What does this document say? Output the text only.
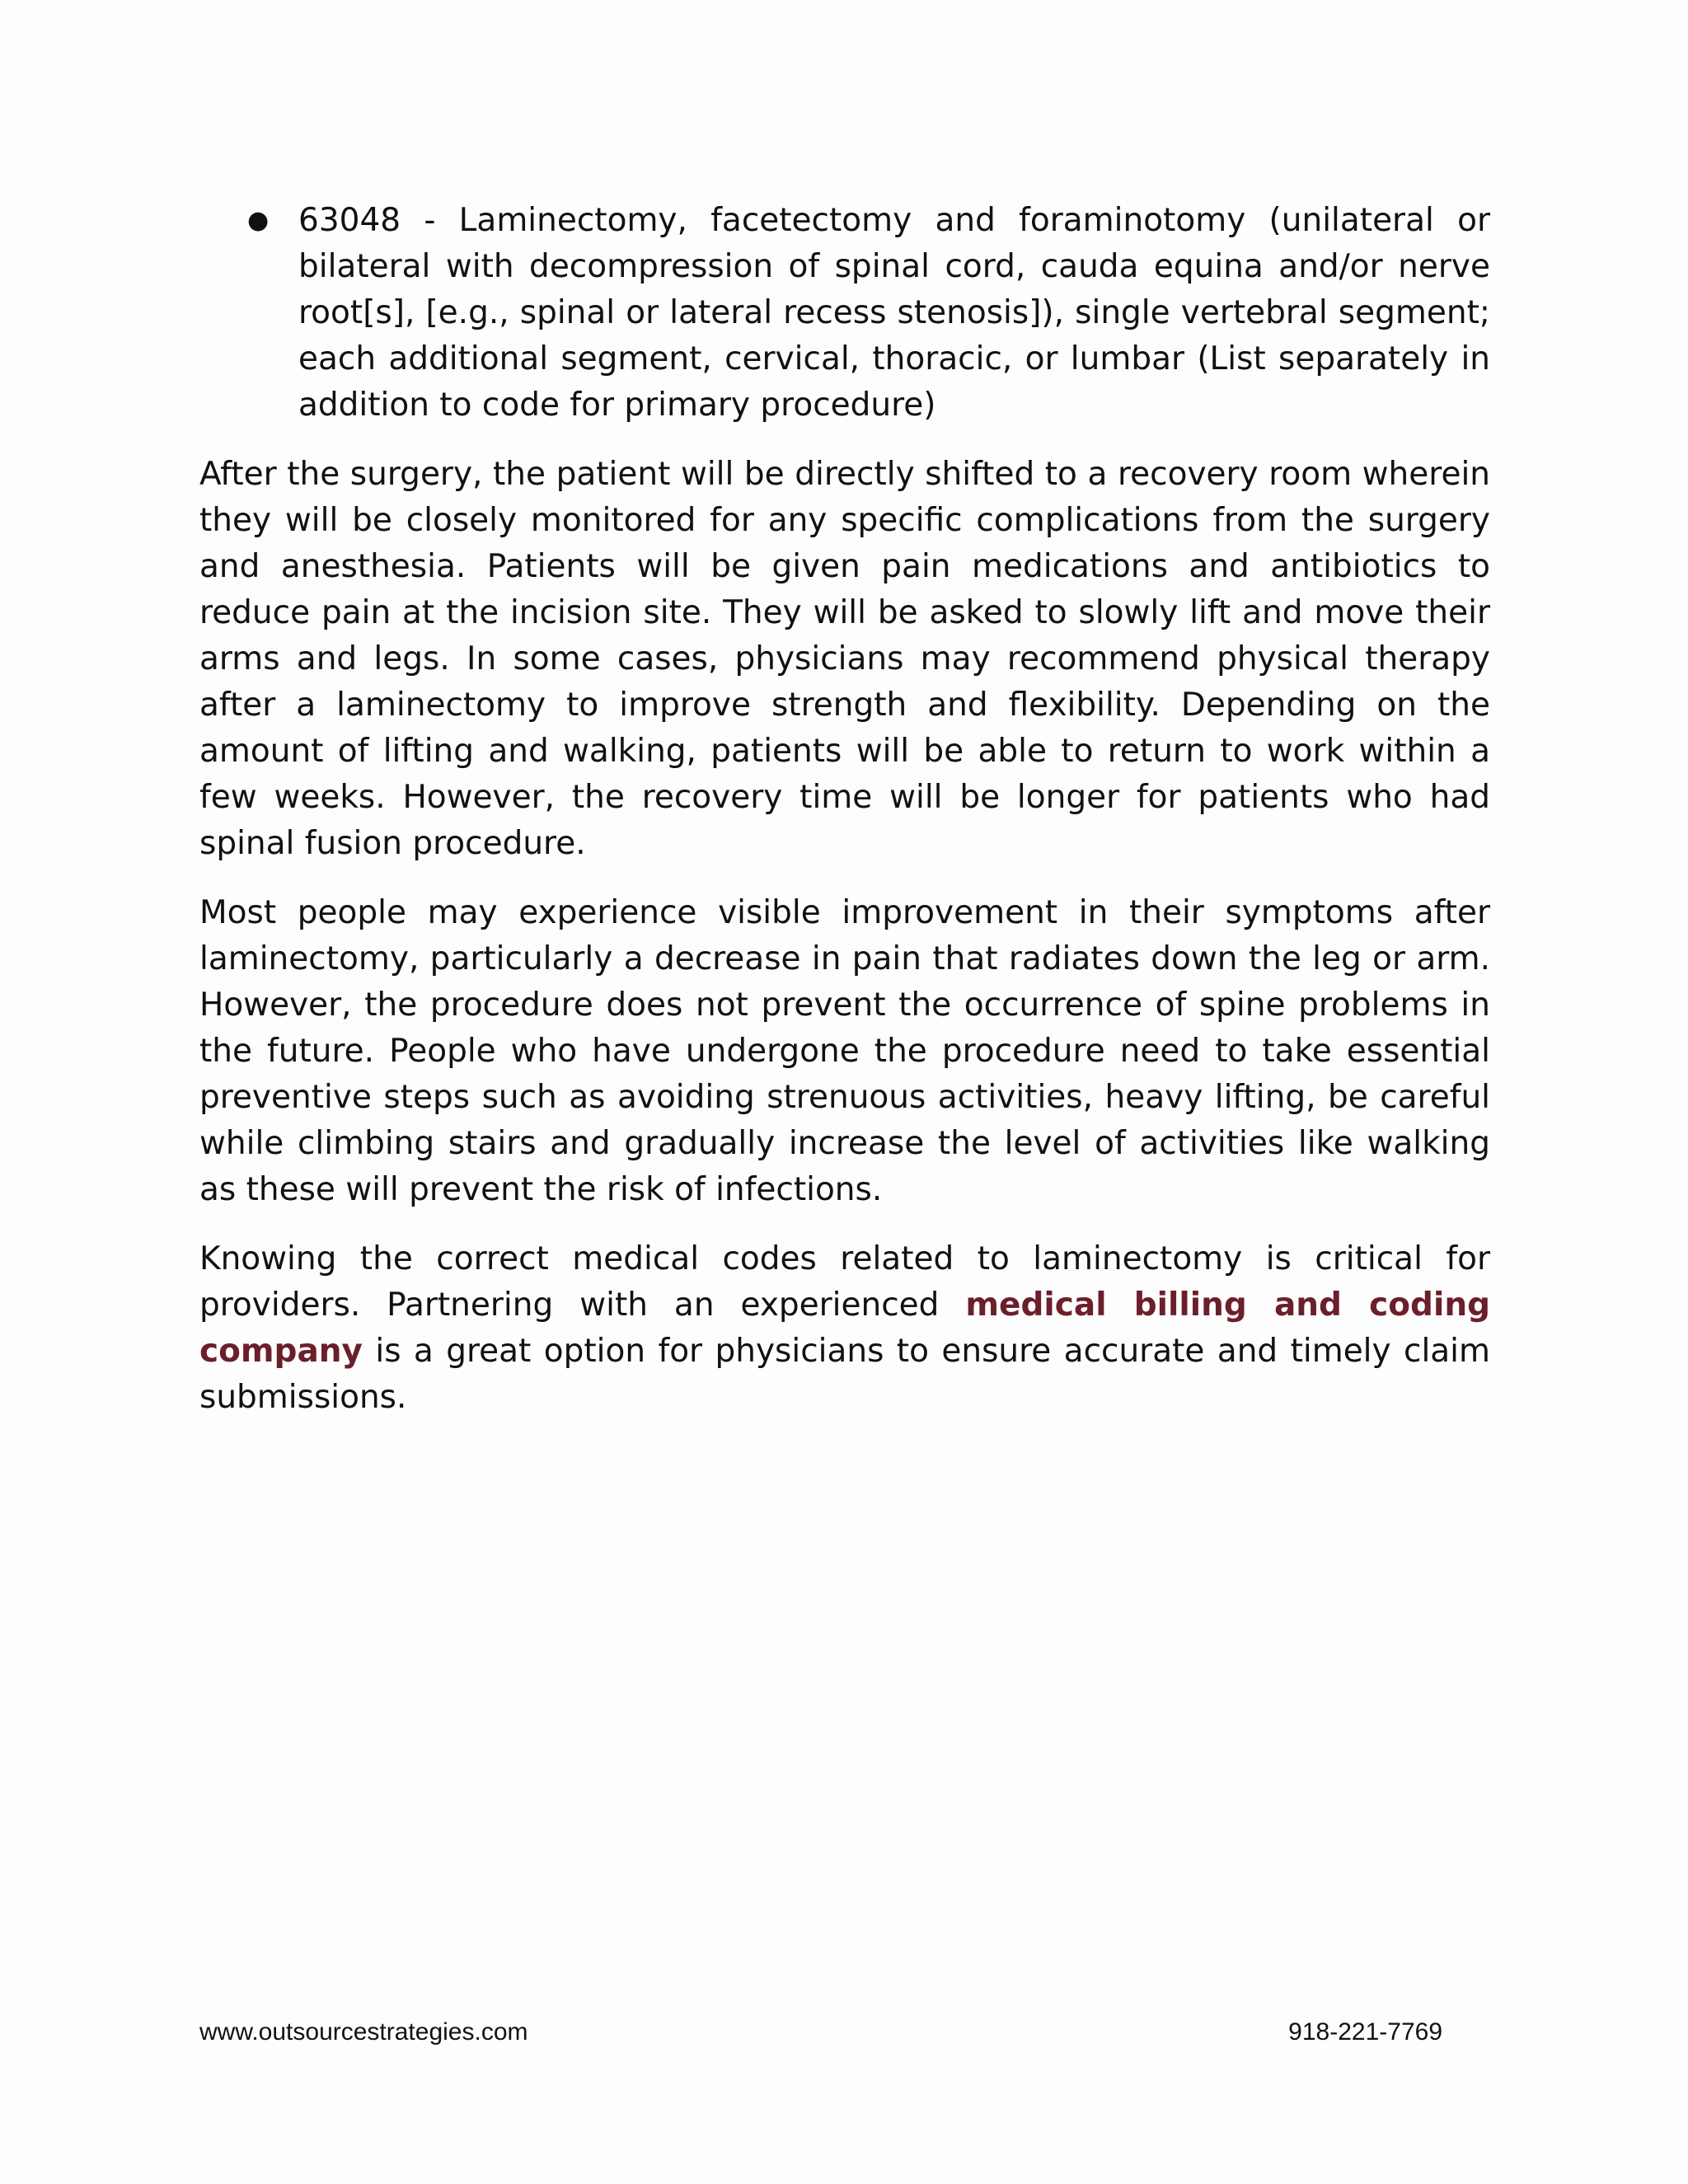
● 63048 - Laminectomy, facetectomy and foraminotomy (unilateral or bilateral with decompression of spinal cord, cauda equina and/or nerve root[s], [e.g., spinal or lateral recess stenosis]), single vertebral segment; each additional segment, cervical, thoracic, or lumbar (List separately in addition to code for primary procedure)

After the surgery, the patient will be directly shifted to a recovery room wherein they will be closely monitored for any specific complications from the surgery and anesthesia. Patients will be given pain medications and antibiotics to reduce pain at the incision site. They will be asked to slowly lift and move their arms and legs. In some cases, physicians may recommend physical therapy after a laminectomy to improve strength and flexibility. Depending on the amount of lifting and walking, patients will be able to return to work within a few weeks. However, the recovery time will be longer for patients who had spinal fusion procedure.

Most people may experience visible improvement in their symptoms after laminectomy, particularly a decrease in pain that radiates down the leg or arm. However, the procedure does not prevent the occurrence of spine problems in the future. People who have undergone the procedure need to take essential preventive steps such as avoiding strenuous activities, heavy lifting, be careful while climbing stairs and gradually increase the level of activities like walking as these will prevent the risk of infections.

Knowing the correct medical codes related to laminectomy is critical for providers. Partnering with an experienced medical billing and coding company is a great option for physicians to ensure accurate and timely claim submissions.

www.outsourcestrategies.com	918-221-7769
